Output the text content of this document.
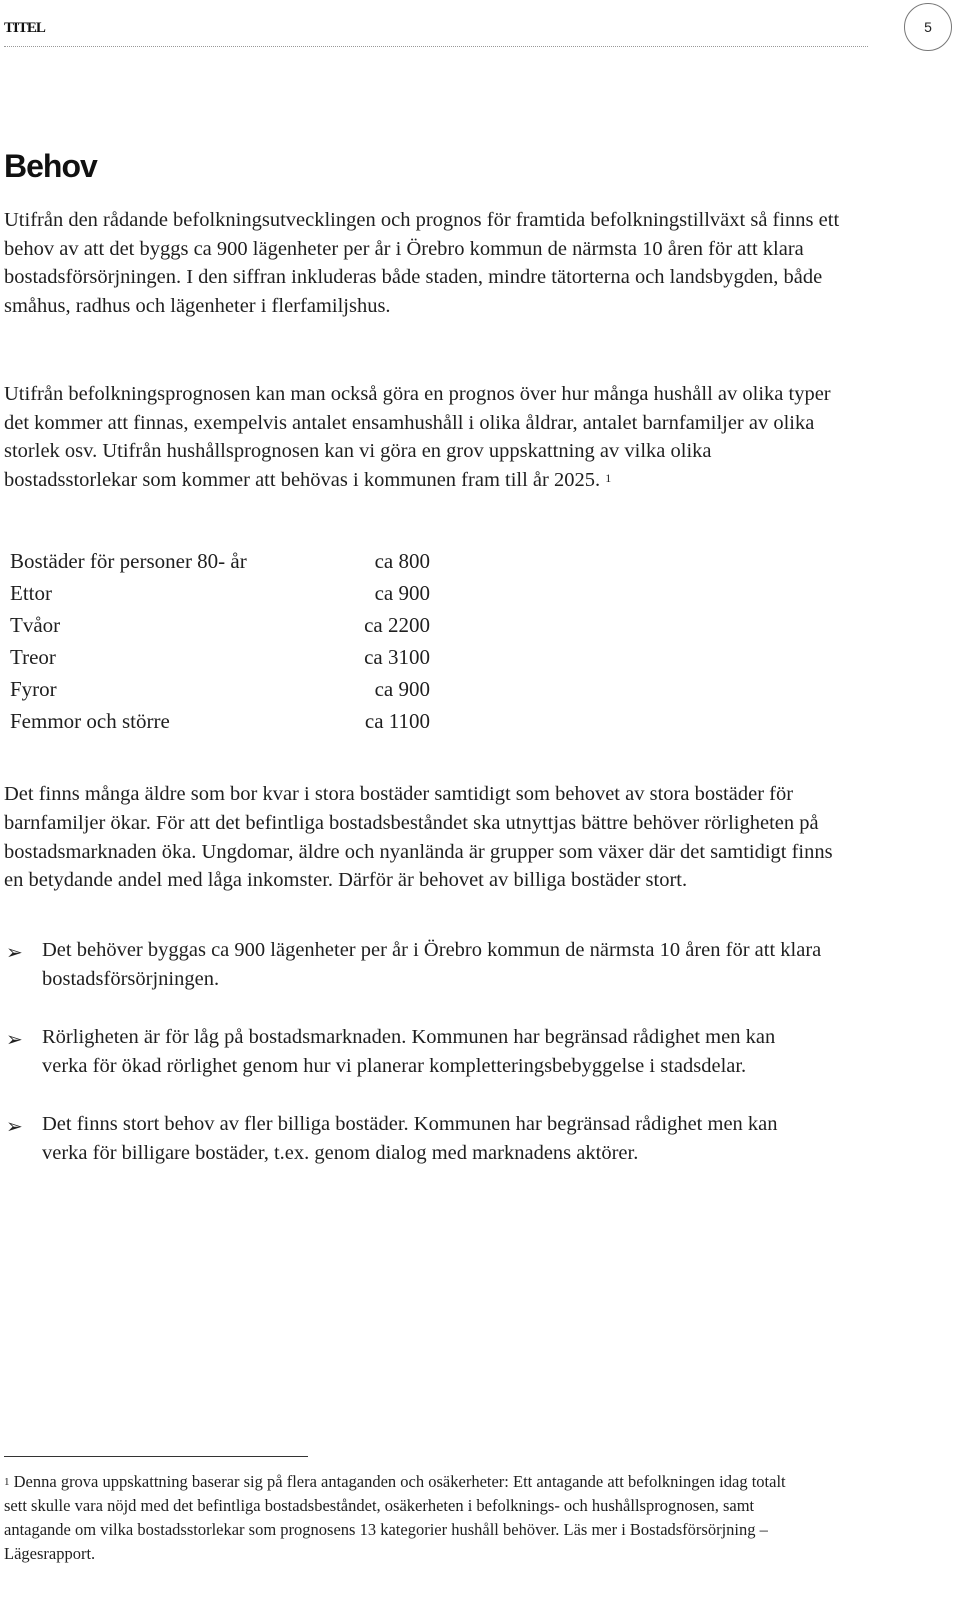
TITEL	5
Behov

Utifrån den rådande befolkningsutvecklingen och prognos för framtida befolkningstillväxt så finns ett behov av att det byggs ca 900 lägenheter per år i Örebro kommun de närmsta 10 åren för att klara bostadsförsörjningen. I den siffran inkluderas både staden, mindre tätorterna och landsbygden, både småhus, radhus och lägenheter i flerfamiljshus.

Utifrån befolkningsprognosen kan man också göra en prognos över hur många hushåll av olika typer det kommer att finnas, exempelvis antalet ensamhushåll i olika åldrar, antalet barnfamiljer av olika storlek osv. Utifrån hushållsprognosen kan vi göra en grov uppskattning av vilka olika bostadsstorlekar som kommer att behövas i kommunen fram till år 2025. $^1$

Bostäder för personer 80- år	ca 800
Ettor	ca 900
Tvåor	ca 2200
Treor	ca 3100
Fyror	ca 900
Femmor och större	ca 1100

Det finns många äldre som bor kvar i stora bostäder samtidigt som behovet av stora bostäder för barnfamiljer ökar. För att det befintliga bostadsbeståndet ska utnyttjas bättre behöver rörligheten på bostadsmarknaden öka. Ungdomar, äldre och nyanlända är grupper som växer där det samtidigt finns en betydande andel med låga inkomster. Därför är behovet av billiga bostäder stort.

➢ Det behöver byggas ca 900 lägenheter per år i Örebro kommun de närmsta 10 åren för att klara bostadsförsörjningen.
➢ Rörligheten är för låg på bostadsmarknaden. Kommunen har begränsad rådighet men kan verka för ökad rörlighet genom hur vi planerar kompletteringsbebyggelse i stadsdelar.
➢ Det finns stort behov av fler billiga bostäder. Kommunen har begränsad rådighet men kan verka för billigare bostäder, t.ex. genom dialog med marknadens aktörer.

$^1$ Denna grova uppskattning baserar sig på flera antaganden och osäkerheter: Ett antagande att befolkningen idag totalt sett skulle vara nöjd med det befintliga bostadsbeståndet, osäkerheten i befolknings- och hushållsprognosen, samt antagande om vilka bostadsstorlekar som prognosens 13 kategorier hushåll behöver. Läs mer i Bostadsförsörjning – Lägesrapport.
